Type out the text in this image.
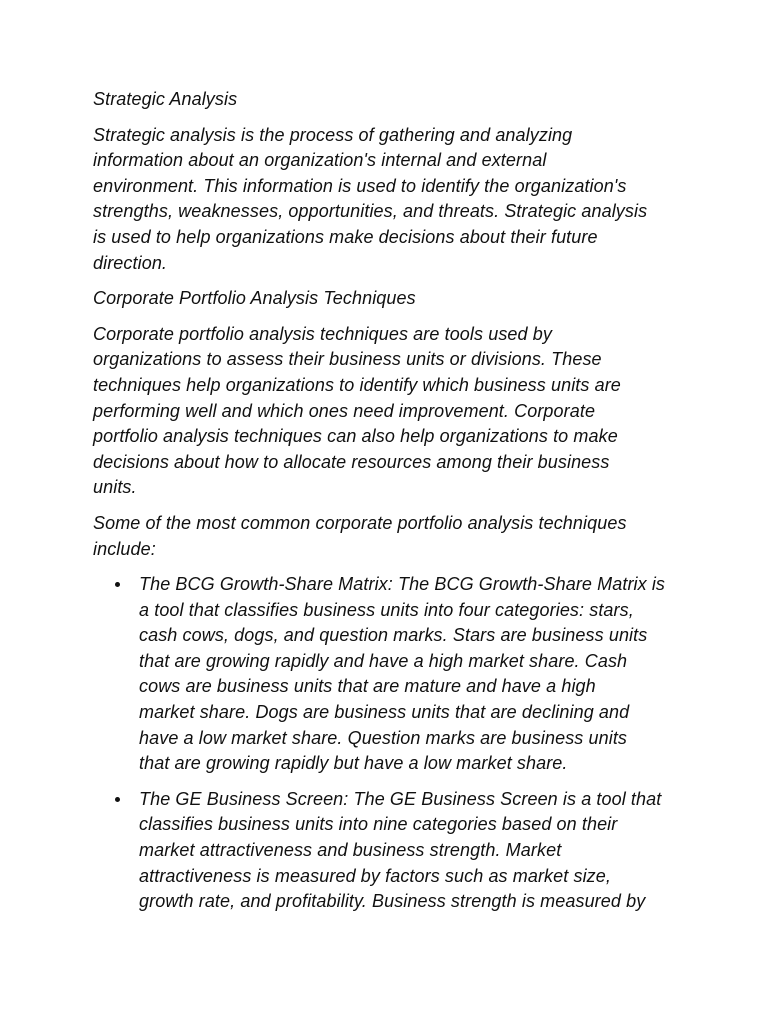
Strategic Analysis

Strategic analysis is the process of gathering and analyzing
information about an organization's internal and external
environment. This information is used to identify the organization's
strengths, weaknesses, opportunities, and threats. Strategic analysis
is used to help organizations make decisions about their future
direction.

Corporate Portfolio Analysis Techniques

Corporate portfolio analysis techniques are tools used by
organizations to assess their business units or divisions. These
techniques help organizations to identify which business units are
performing well and which ones need improvement. Corporate
portfolio analysis techniques can also help organizations to make
decisions about how to allocate resources among their business
units.

Some of the most common corporate portfolio analysis techniques
include:

The BCG Growth-Share Matrix: The BCG Growth-Share Matrix is
a tool that classifies business units into four categories: stars,
cash cows, dogs, and question marks. Stars are business units
that are growing rapidly and have a high market share. Cash
cows are business units that are mature and have a high
market share. Dogs are business units that are declining and
have a low market share. Question marks are business units
that are growing rapidly but have a low market share.
The GE Business Screen: The GE Business Screen is a tool that
classifies business units into nine categories based on their
market attractiveness and business strength. Market
attractiveness is measured by factors such as market size,
growth rate, and profitability. Business strength is measured by
